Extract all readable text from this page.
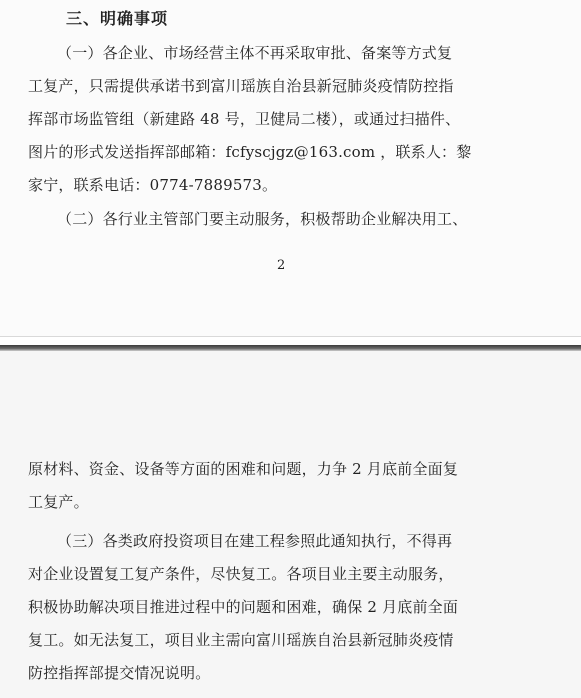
三、明确事项
（一）各企业、市场经营主体不再采取审批、备案等方式复
工复产，只需提供承诺书到富川瑶族自治县新冠肺炎疫情防控指
挥部市场监管组（新建路 48 号，卫健局二楼），或通过扫描件、
图片的形式发送指挥部邮箱：fcfyscjgz@163.com ，联系人：黎
家宁，联系电话：0774-7889573。
（二）各行业主管部门要主动服务，积极帮助企业解决用工、
2
原材料、资金、设备等方面的困难和问题，力争 2 月底前全面复
工复产。
（三）各类政府投资项目在建工程参照此通知执行，不得再
对企业设置复工复产条件，尽快复工。各项目业主要主动服务，
积极协助解决项目推进过程中的问题和困难，确保 2 月底前全面
复工。如无法复工，项目业主需向富川瑶族自治县新冠肺炎疫情
防控指挥部提交情况说明。
